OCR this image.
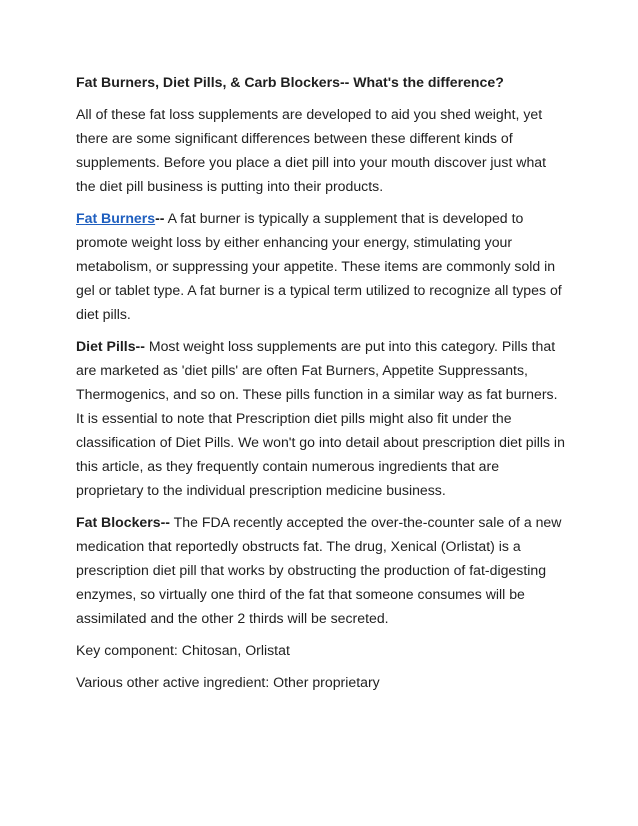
Fat Burners, Diet Pills, & Carb Blockers-- What's the difference?

All of these fat loss supplements are developed to aid you shed weight, yet there are some significant differences between these different kinds of supplements. Before you place a diet pill into your mouth discover just what the diet pill business is putting into their products.

Fat Burners-- A fat burner is typically a supplement that is developed to promote weight loss by either enhancing your energy, stimulating your metabolism, or suppressing your appetite. These items are commonly sold in gel or tablet type. A fat burner is a typical term utilized to recognize all types of diet pills.

Diet Pills-- Most weight loss supplements are put into this category. Pills that are marketed as 'diet pills' are often Fat Burners, Appetite Suppressants, Thermogenics, and so on. These pills function in a similar way as fat burners. It is essential to note that Prescription diet pills might also fit under the classification of Diet Pills. We won't go into detail about prescription diet pills in this article, as they frequently contain numerous ingredients that are proprietary to the individual prescription medicine business.

Fat Blockers-- The FDA recently accepted the over-the-counter sale of a new medication that reportedly obstructs fat. The drug, Xenical (Orlistat) is a prescription diet pill that works by obstructing the production of fat-digesting enzymes, so virtually one third of the fat that someone consumes will be assimilated and the other 2 thirds will be secreted.

Key component: Chitosan, Orlistat

Various other active ingredient: Other proprietary
